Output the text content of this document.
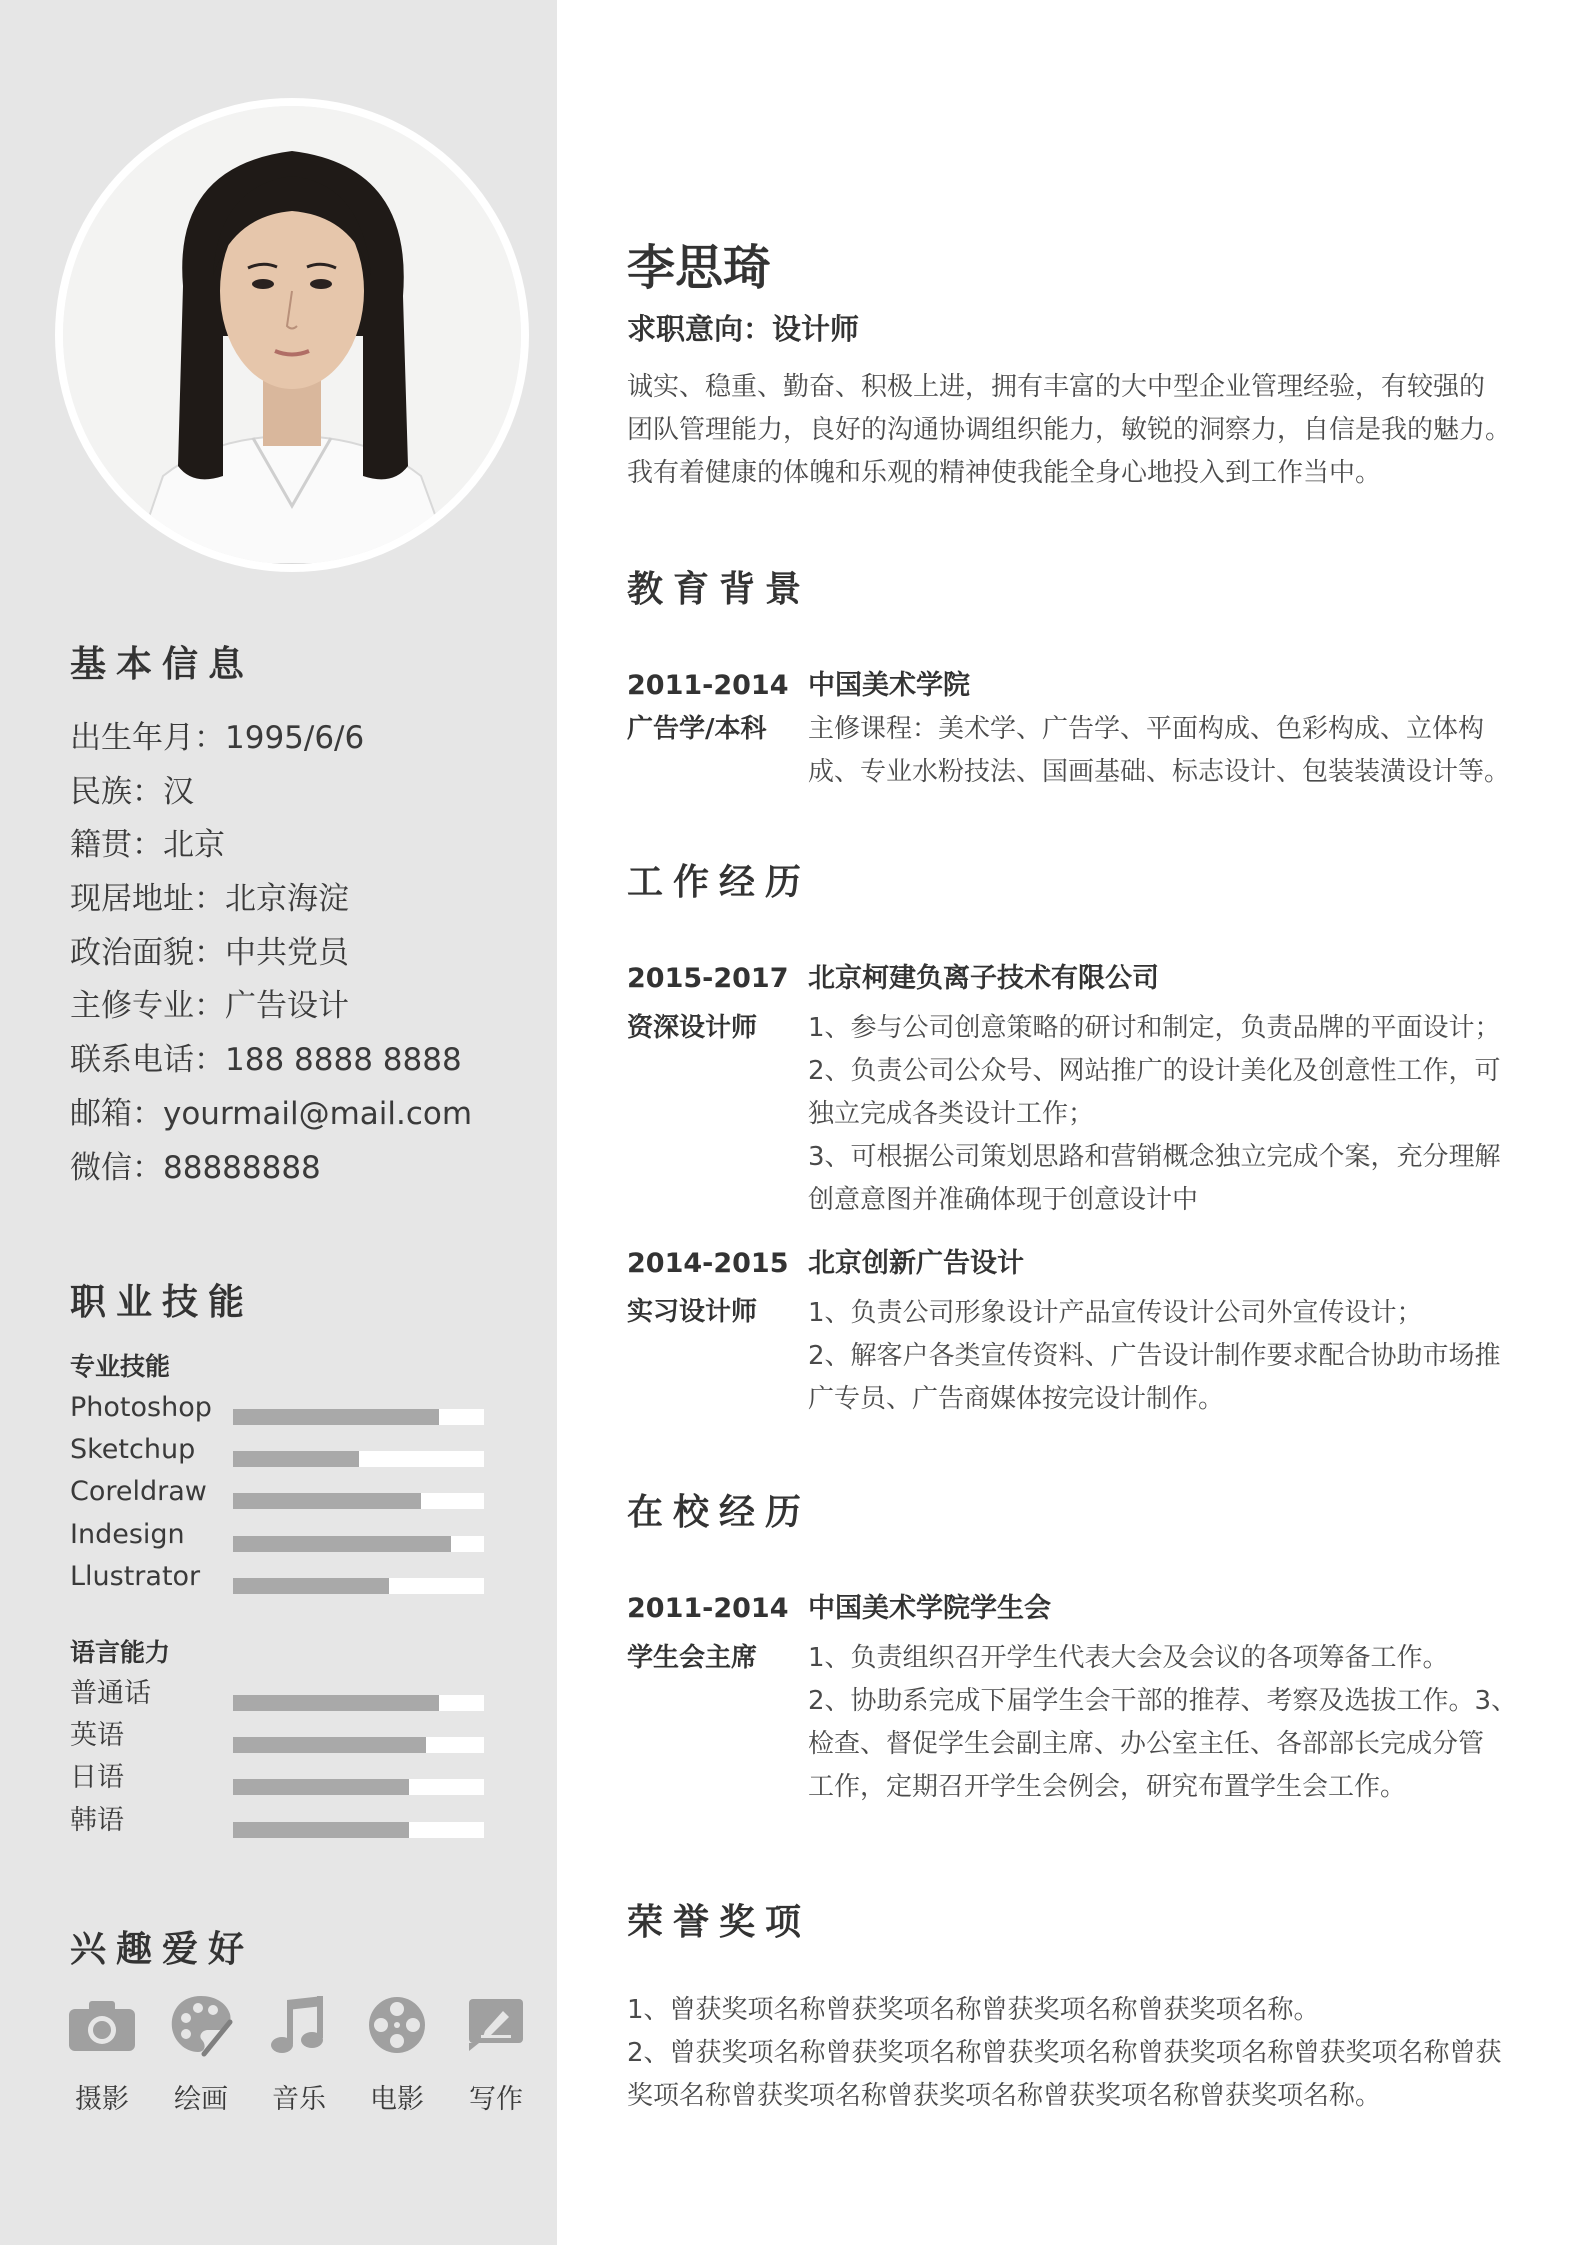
基本信息
出生年月：1995/6/6
民族：汉
籍贯：北京
现居地址：北京海淀
政治面貌：中共党员
主修专业：广告设计
联系电话：188 8888 8888
邮箱：yourmail@mail.com
微信：88888888
职业技能
专业技能
Photoshop
Sketchup
Coreldraw
Indesign
Llustrator
语言能力
普通话
英语
日语
韩语
兴趣爱好
摄影	绘画	音乐	电影	写作
李思琦
求职意向：设计师
诚实、稳重、勤奋、积极上进，拥有丰富的大中型企业管理经验，有较强的
团队管理能力，良好的沟通协调组织能力，敏锐的洞察力，自信是我的魅力。
我有着健康的体魄和乐观的精神使我能全身心地投入到工作当中。
教育背景
2011-2014 中国美术学院
广告学/本科 主修课程：美术学、广告学、平面构成、色彩构成、立体构
成、专业水粉技法、国画基础、标志设计、包装装潢设计等。
工作经历
2015-2017 北京柯建负离子技术有限公司
资深设计师 1、参与公司创意策略的研讨和制定，负责品牌的平面设计；
2、负责公司公众号、网站推广的设计美化及创意性工作，可
独立完成各类设计工作；
3、可根据公司策划思路和营销概念独立完成个案，充分理解
创意意图并准确体现于创意设计中
2014-2015 北京创新广告设计
实习设计师 1、负责公司形象设计产品宣传设计公司外宣传设计；
2、解客户各类宣传资料、广告设计制作要求配合协助市场推
广专员、广告商媒体按完设计制作。
在校经历
2011-2014 中国美术学院学生会
学生会主席 1、负责组织召开学生代表大会及会议的各项筹备工作。
2、协助系完成下届学生会干部的推荐、考察及选拔工作。3、
检查、督促学生会副主席、办公室主任、各部部长完成分管
工作，定期召开学生会例会，研究布置学生会工作。
荣誉奖项
1、曾获奖项名称曾获奖项名称曾获奖项名称曾获奖项名称。
2、曾获奖项名称曾获奖项名称曾获奖项名称曾获奖项名称曾获奖项名称曾获
奖项名称曾获奖项名称曾获奖项名称曾获奖项名称曾获奖项名称。
